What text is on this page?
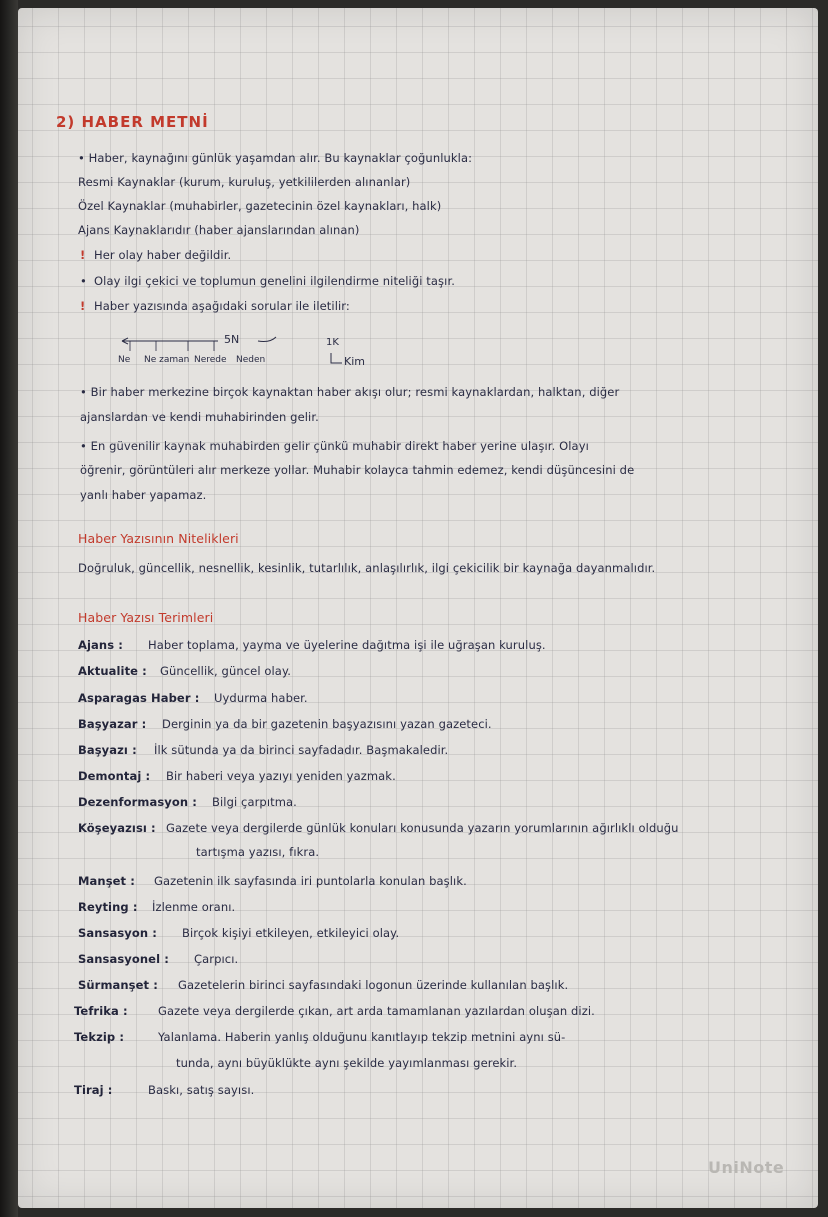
2) HABER METNİ
• Haber, kaynağını günlük yaşamdan alır. Bu kaynaklar çoğunlukla:
Resmi Kaynaklar (kurum, kuruluş, yetkililerden alınanlar)
Özel Kaynaklar (muhabirler, gazetecinin özel kaynakları, halk)
Ajans Kaynaklarıdır (haber ajanslarından alınan)
! Her olay haber değildir.
• Olay ilgi çekici ve toplumun genelini ilgilendirme niteliği taşır.
! Haber yazısında aşağıdaki sorular ile iletilir:
5N	1K
Ne Ne zaman Nerede Neden	Kim
• Bir haber merkezine birçok kaynaktan haber akışı olur; resmi kaynaklardan, halktan, diğer
ajanslardan ve kendi muhabirinden gelir.
• En güvenilir kaynak muhabirden gelir çünkü muhabir direkt haber yerine ulaşır. Olayı
öğrenir, görüntüleri alır merkeze yollar. Muhabir kolayca tahmin edemez, kendi düşüncesini de
yanlı haber yapamaz.
Haber Yazısının Nitelikleri
Doğruluk, güncellik, nesnellik, kesinlik, tutarlılık, anlaşılırlık, ilgi çekicilik bir kaynağa dayanmalıdır.
Haber Yazısı Terimleri
Ajans : Haber toplama, yayma ve üyelerine dağıtma işi ile uğraşan kuruluş.
Aktualite : Güncellik, güncel olay.
Asparagas Haber : Uydurma haber.
Başyazar : Derginin ya da bir gazetenin başyazısını yazan gazeteci.
Başyazı : İlk sütunda ya da birinci sayfadadır. Başmakaledir.
Demontaj : Bir haberi veya yazıyı yeniden yazmak.
Dezenformasyon : Bilgi çarpıtma.
Köşeyazısı : Gazete veya dergilerde günlük konuları konusunda yazarın yorumlarının ağırlıklı olduğu
tartışma yazısı, fıkra.
Manşet : Gazetenin ilk sayfasında iri puntolarla konulan başlık.
Reyting : İzlenme oranı.
Sansasyon : Birçok kişiyi etkileyen, etkileyici olay.
Sansasyonel : Çarpıcı.
Sürmanşet : Gazetelerin birinci sayfasındaki logonun üzerinde kullanılan başlık.
Tefrika :	Gazete veya dergilerde çıkan, art arda tamamlanan yazılardan oluşan dizi.
Tekzip :	Yalanlama. Haberin yanlış olduğunu kanıtlayıp tekzip metnini aynı sü-
tunda, aynı büyüklükte aynı şekilde yayımlanması gerekir.
Tiraj :	Baskı, satış sayısı.
UniNote
